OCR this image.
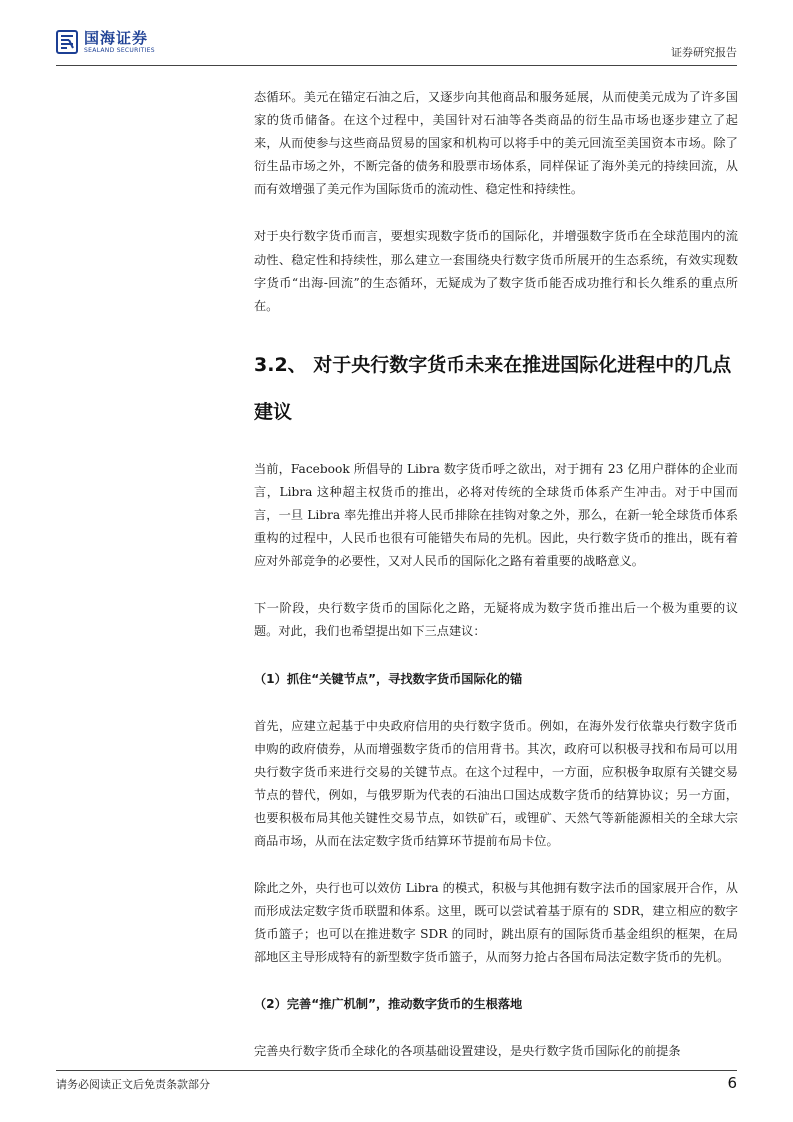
国海证券
SEALAND SECURITIES	证券研究报告

态循环。美元在锚定石油之后，又逐步向其他商品和服务延展，从而使美元成为了许多国家的货币储备。在这个过程中，美国针对石油等各类商品的衍生品市场也逐步建立了起来，从而使参与这些商品贸易的国家和机构可以将手中的美元回流至美国资本市场。除了衍生品市场之外，不断完备的债务和股票市场体系，同样保证了海外美元的持续回流，从而有效增强了美元作为国际货币的流动性、稳定性和持续性。

对于央行数字货币而言，要想实现数字货币的国际化，并增强数字货币在全球范围内的流动性、稳定性和持续性，那么建立一套围绕央行数字货币所展开的生态系统，有效实现数字货币“出海-回流”的生态循环，无疑成为了数字货币能否成功推行和长久维系的重点所在。

3.2、 对于央行数字货币未来在推进国际化进程中的几点建议

当前，Facebook 所倡导的 Libra 数字货币呼之欲出，对于拥有 23 亿用户群体的企业而言，Libra 这种超主权货币的推出，必将对传统的全球货币体系产生冲击。对于中国而言，一旦 Libra 率先推出并将人民币排除在挂钩对象之外，那么，在新一轮全球货币体系重构的过程中，人民币也很有可能错失布局的先机。因此，央行数字货币的推出，既有着应对外部竞争的必要性，又对人民币的国际化之路有着重要的战略意义。

下一阶段，央行数字货币的国际化之路，无疑将成为数字货币推出后一个极为重要的议题。对此，我们也希望提出如下三点建议：

（1）抓住“关键节点”，寻找数字货币国际化的锚

首先，应建立起基于中央政府信用的央行数字货币。例如，在海外发行依靠央行数字货币申购的政府债券，从而增强数字货币的信用背书。其次，政府可以积极寻找和布局可以用央行数字货币来进行交易的关键节点。在这个过程中，一方面，应积极争取原有关键交易节点的替代，例如，与俄罗斯为代表的石油出口国达成数字货币的结算协议；另一方面，也要积极布局其他关键性交易节点，如铁矿石，或锂矿、天然气等新能源相关的全球大宗商品市场，从而在法定数字货币结算环节提前布局卡位。

除此之外，央行也可以效仿 Libra 的模式，积极与其他拥有数字法币的国家展开合作，从而形成法定数字货币联盟和体系。这里，既可以尝试着基于原有的 SDR，建立相应的数字货币篮子；也可以在推进数字 SDR 的同时，跳出原有的国际货币基金组织的框架，在局部地区主导形成特有的新型数字货币篮子，从而努力抢占各国布局法定数字货币的先机。

（2）完善“推广机制”，推动数字货币的生根落地

完善央行数字货币全球化的各项基础设置建设，是央行数字货币国际化的前提条

请务必阅读正文后免责条款部分	6
